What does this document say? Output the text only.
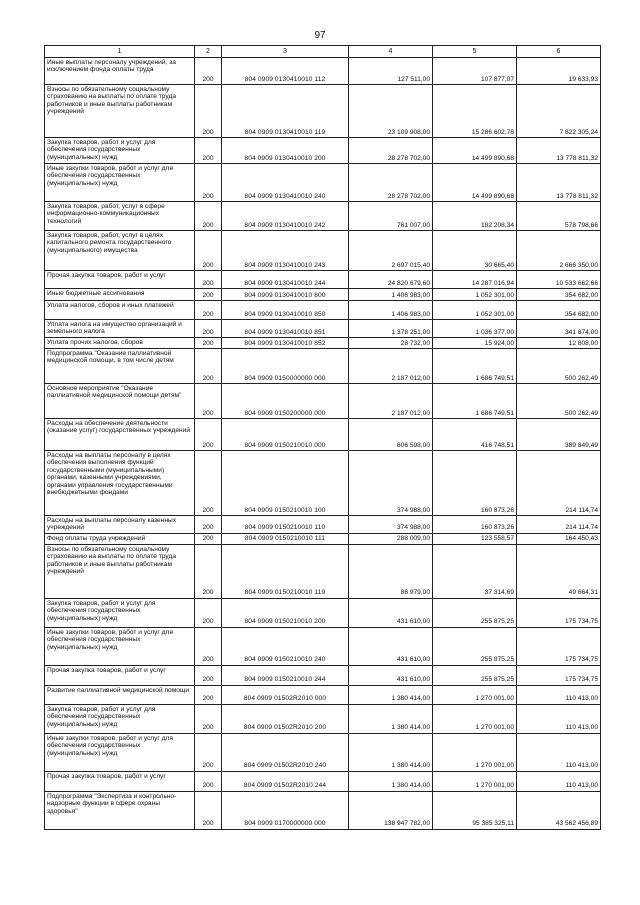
97
1	2	3	4	5	6
Иные выплаты персоналу учреждений, за исключением фонда оплаты труда	200	804 0909 0130410010 112	127 511,00	107 877,07	19 633,93
Взносы по обязательному социальному страхованию на выплаты по оплате труда работников и иные выплаты работникам учреждений	200	804 0909 0130410010 119	23 109 908,00	15 286 602,76	7 822 305,24
Закупка товаров, работ и услуг для обеспечения государственных (муниципальных) нужд	200	804 0909 0130410010 200	28 278 702,00	14 499 890,68	13 778 811,32
Иные закупки товаров, работ и услуг для обеспечения государственных (муниципальных) нужд	200	804 0909 0130410010 240	28 278 702,00	14 499 890,68	13 778 811,32
Закупка товаров, работ, услуг в сфере информационно-коммуникационных технологий	200	804 0909 0130410010 242	761 007,00	182 208,34	578 798,66
Закупка товаров, работ, услуг в целях капитального ремонта государственного (муниципального) имущества	200	804 0909 0130410010 243	2 697 015,40	30 665,40	2 666 350,00
Прочая закупка товаров, работ и услуг	200	804 0909 0130410010 244	24 820 679,60	14 287 016,94	10 533 662,66
Иные бюджетные ассигнования	200	804 0909 0130410010 800	1 406 983,00	1 052 301,00	354 682,00
Уплата налогов, сборов и иных платежей	200	804 0909 0130410010 850	1 406 983,00	1 052 301,00	354 682,00
Уплата налога на имущество организаций и земельного налога	200	804 0909 0130410010 851	1 378 251,00	1 036 377,00	341 874,00
Уплата прочих налогов, сборов	200	804 0909 0130410010 852	28 732,00	15 924,00	12 808,00
Подпрограмма "Оказание паллиативной медицинской помощи, в том числе детям	200	804 0909 0150000000 000	2 187 012,00	1 686 749,51	500 262,49
Основное мероприятие "Оказание паллиативной медицинской помощи детям"	200	804 0909 0150200000 000	2 187 012,00	1 686 749,51	500 262,49
Расходы на обеспечение деятельности (оказание услуг) государственных учреждений	200	804 0909 0150210010 000	806 598,00	416 748,51	389 849,49
Расходы на выплаты персоналу в целях обеспечения выполнения функций государственными (муниципальными) органами, казенными учреждениями, органами управления государственными внебюджетными фондами	200	804 0909 0150210010 100	374 988,00	160 873,26	214 114,74
Расходы на выплаты персоналу казенных учреждений	200	804 0909 0150210010 110	374 988,00	160 873,26	214 114,74
Фонд оплаты труда учреждений	200	804 0909 0150210010 111	288 009,00	123 558,57	164 450,43
Взносы по обязательному социальному страхованию на выплаты по оплате труда работников и иные выплаты работникам учреждений	200	804 0909 0150210010 119	86 979,00	37 314,69	49 664,31
Закупка товаров, работ и услуг для обеспечения государственных (муниципальных) нужд	200	804 0909 0150210010 200	431 610,00	255 875,25	175 734,75
Иные закупки товаров, работ и услуг для обеспечения государственных (муниципальных) нужд	200	804 0909 0150210010 240	431 610,00	255 875,25	175 734,75
Прочая закупка товаров, работ и услуг	200	804 0909 0150210010 244	431 610,00	255 875,25	175 734,75
Развитие паллиативной медицинской помощи	200	804 0909 01502R2010 000	1 380 414,00	1 270 001,00	110 413,00
Закупка товаров, работ и услуг для обеспечения государственных (муниципальных) нужд	200	804 0909 01502R2010 200	1 380 414,00	1 270 001,00	110 413,00
Иные закупки товаров, работ и услуг для обеспечения государственных (муниципальных) нужд	200	804 0909 01502R2010 240	1 380 414,00	1 270 001,00	110 413,00
Прочая закупка товаров, работ и услуг	200	804 0909 01502R2010 244	1 380 414,00	1 270 001,00	110 413,00
Подпрограмма "Экспертиза и контрольно-надзорные функции в сфере охраны здоровья"	200	804 0909 0170000000 000	138 947 782,00	95 385 325,11	43 562 456,89
